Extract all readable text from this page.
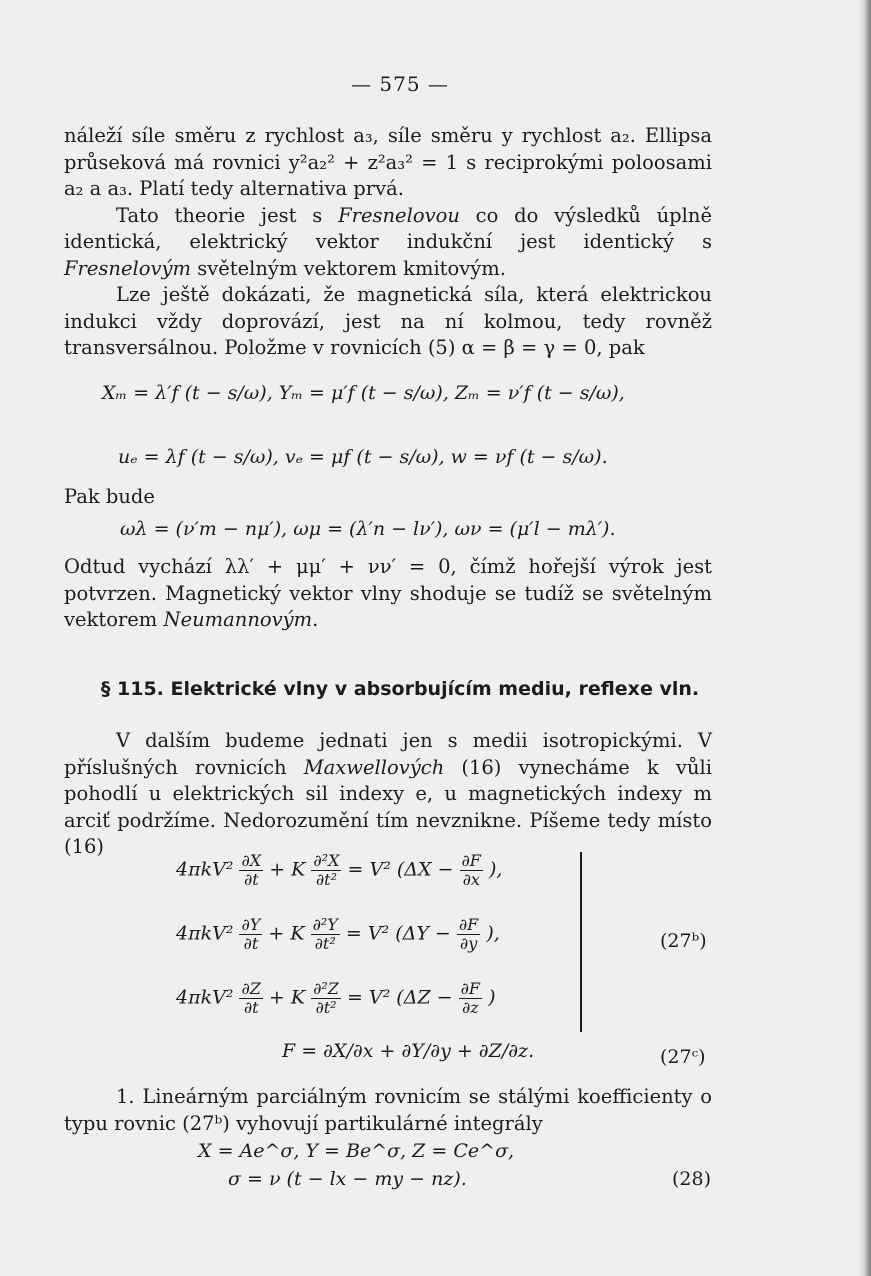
— 575 —

náleží síle směru z rychlost a₃, síle směru y rychlost a₂. Ellipsa průseková má rovnici y²a₂² + z²a₃² = 1 s reciprokými poloosami a₂ a a₃. Platí tedy alternativa prvá.

Tato theorie jest s Fresnelovou co do výsledků úplně identická, elektrický vektor indukční jest identický s Fresnelovým světelným vektorem kmitovým.

Lze ještě dokázati, že magnetická síla, která elektrickou indukci vždy doprovází, jest na ní kolmou, tedy rovněž transversálnou. Položme v rovnicích (5) α = β = γ = 0, pak

Xₘ = λ′f (t − s/ω), Yₘ = μ′f (t − s/ω), Zₘ = ν′f (t − s/ω),
uₑ = λf (t − s/ω), vₑ = μf (t − s/ω), w = νf (t − s/ω).
Pak bude
ωλ = (ν′m − nμ′), ωμ = (λ′n − lν′), ων = (μ′l − mλ′).

Odtud vychází λλ′ + μμ′ + νν′ = 0, čímž hořejší výrok jest potvrzen. Magnetický vektor vlny shoduje se tudíž se světelným vektorem Neumannovým.

§ 115. Elektrické vlny v absorbujícím mediu, reflexe vln.

V dalším budeme jednati jen s medii isotropickými. V příslušných rovnicích Maxwellových (16) vynecháme k vůli pohodlí u elektrických sil indexy e, u magnetických indexy m arciť podržíme. Nedorozumění tím nevznikne. Píšeme tedy místo (16)

$4\pi kV^2 \frac{\partial X}{\partial t} + K \frac{\text{∂²X}}{\text{∂t²}} = V^2$ ($\Delta X - \frac{\partial F}{\partial x}$ ),
$4\pi kV^2 \frac{\partial Y}{\partial t} + K \frac{\text{∂²Y}}{\text{∂t²}} = V^2$ ($\Delta Y - \frac{\partial F}{\partial y}$ ),
$4\pi kV^2 \frac{\partial Z}{\partial t} + K \frac{\text{∂²Z}}{\text{∂t²}} = V^2$ ($\Delta Z - \frac{\partial F}{\partial z}$ )
(27ᵇ)
F = ∂X/∂x + ∂Y/∂y + ∂Z/∂z.	(27ᶜ)

1. Lineárným parciálným rovnicím se stálými koefficienty o typu rovnic (27ᵇ) vyhovují partikulárné integrály

X = Ae^σ, Y = Be^σ, Z = Ce^σ,
σ = ν (t − lx − my − nz).	(28)
